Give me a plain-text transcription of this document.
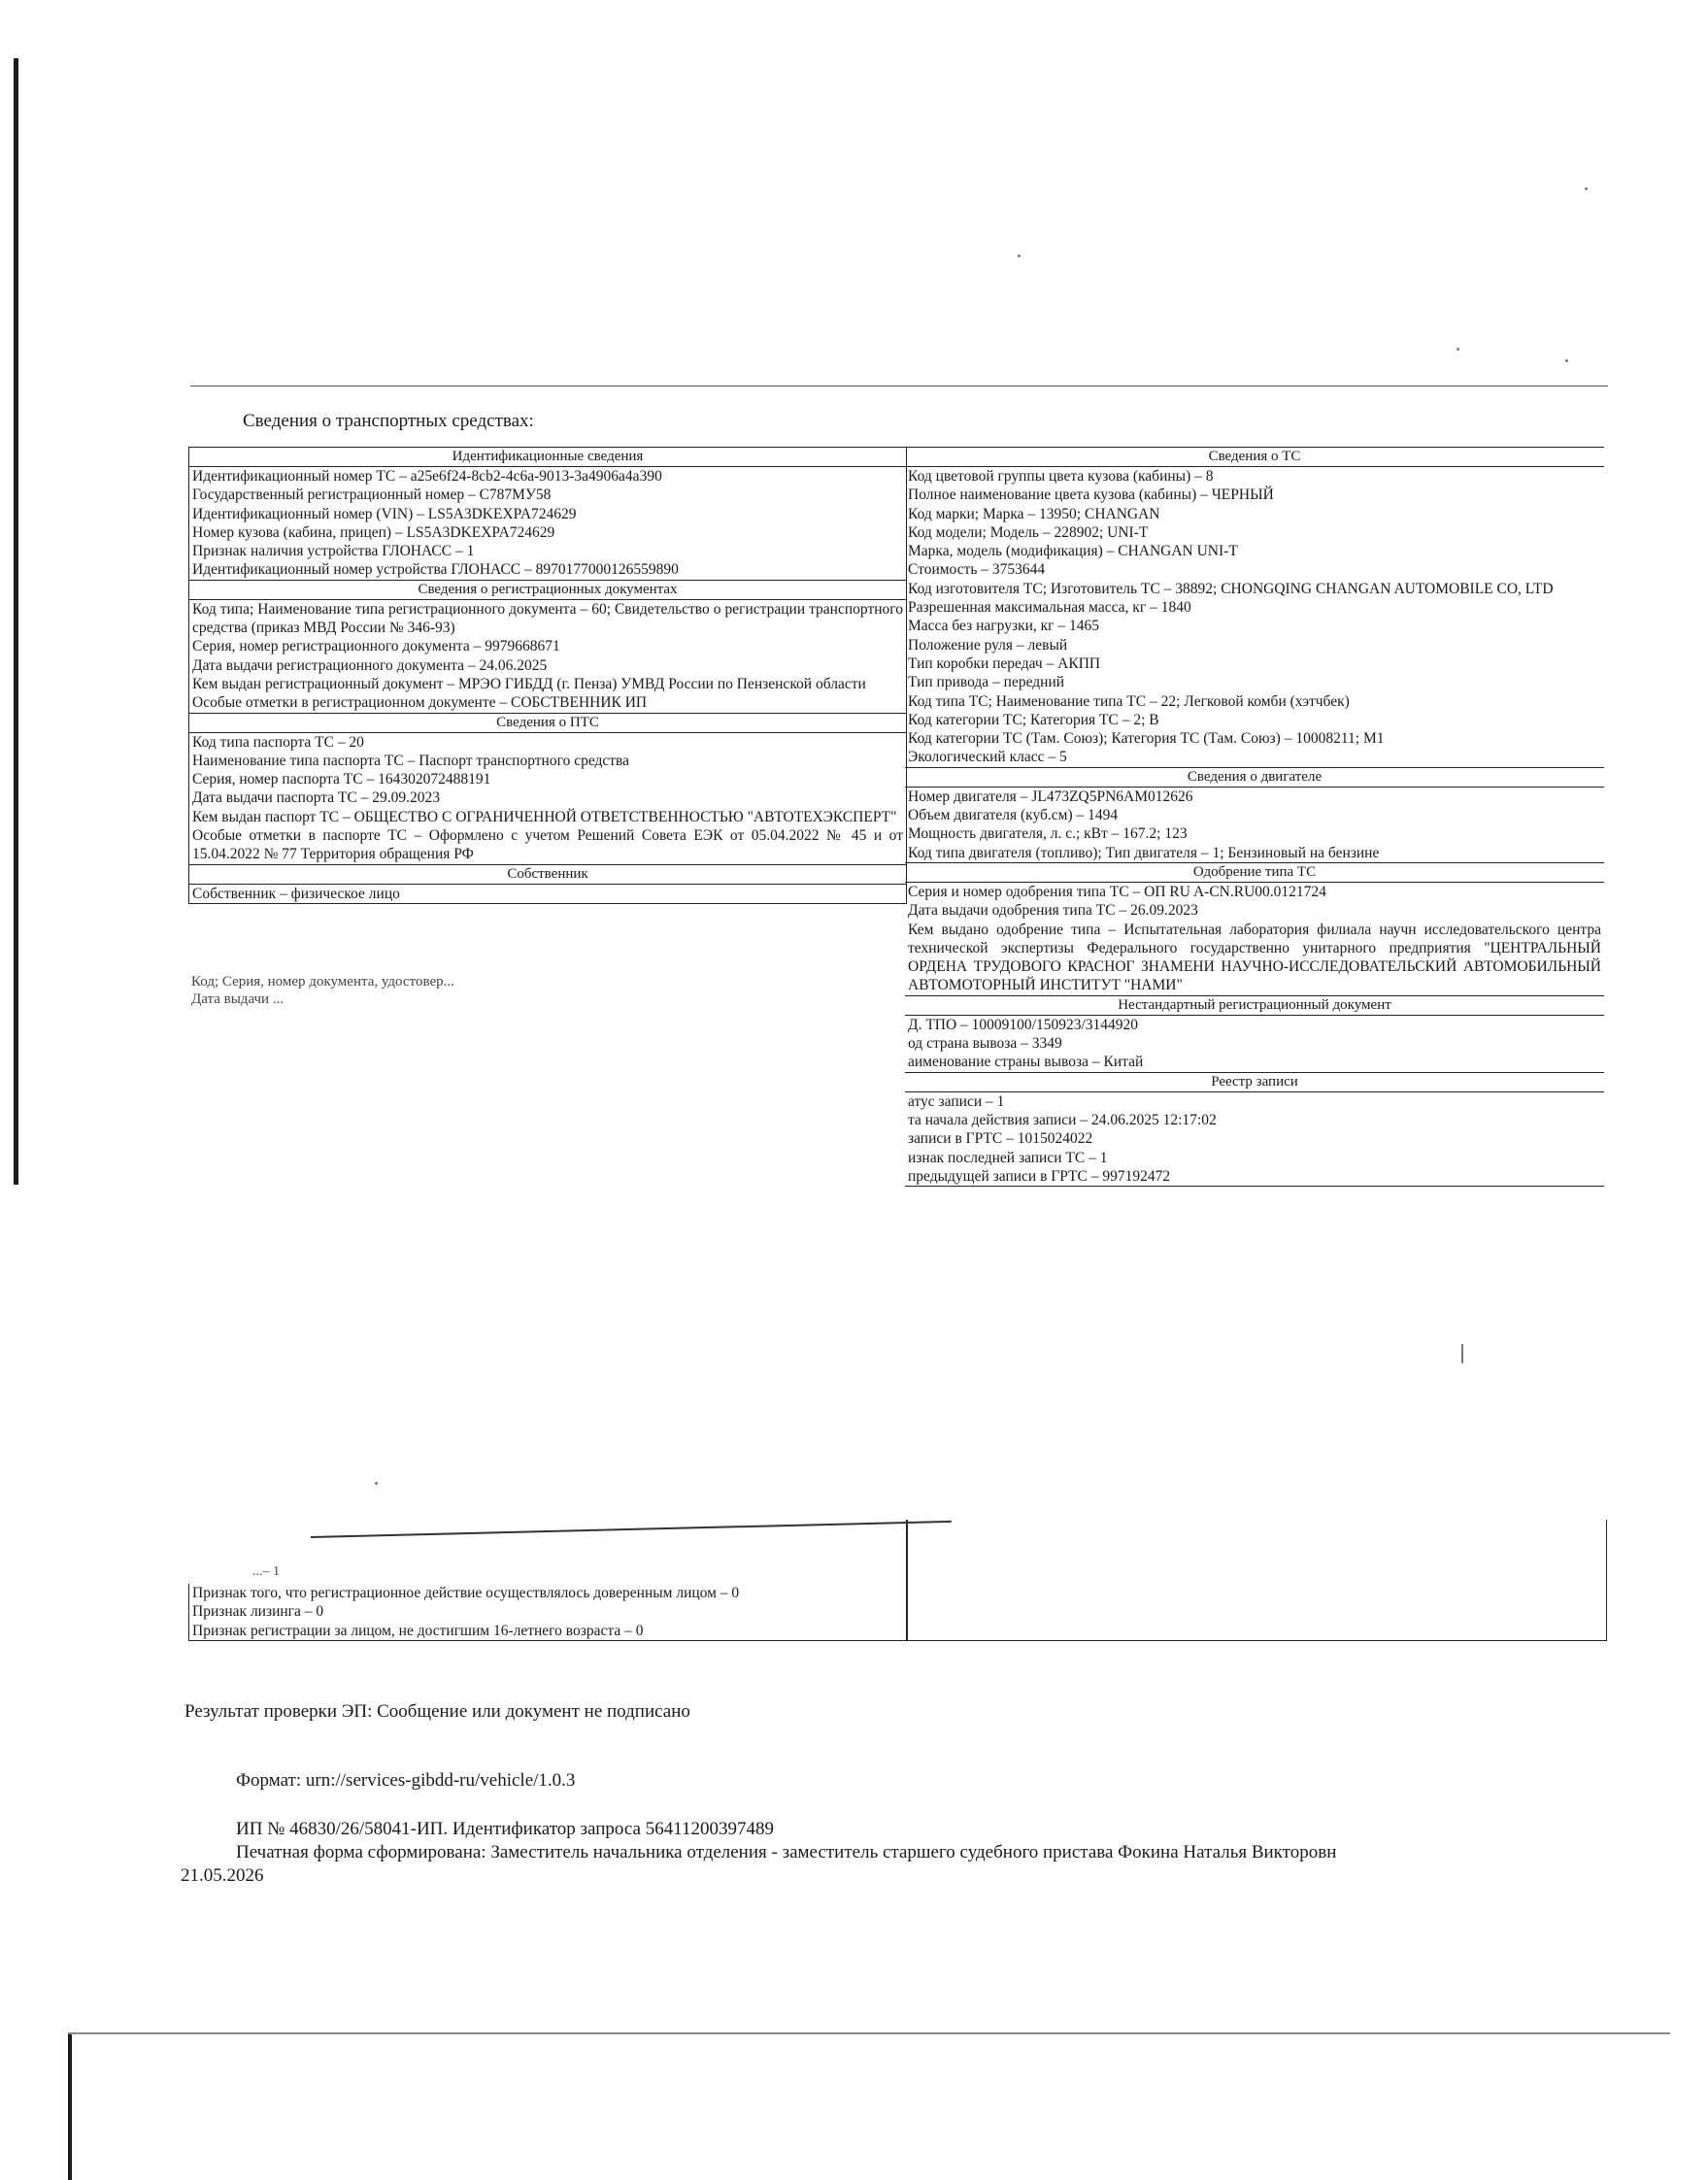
Сведения о транспортных средствах:
Идентификационные сведения
Идентификационный номер ТС – a25e6f24-8cb2-4c6a-9013-3a4906a4a390
Государственный регистрационный номер – С787МУ58
Идентификационный номер (VIN) – LS5A3DKEXPA724629
Номер кузова (кабина, прицеп) – LS5A3DKEXPA724629
Признак наличия устройства ГЛОНАСС – 1
Идентификационный номер устройства ГЛОНАСС – 8970177000126559890
Сведения о регистрационных документах
Код типа; Наименование типа регистрационного документа – 60; Свидетельство о регистрации транспортного средства (приказ МВД России № 346-93)
Серия, номер регистрационного документа – 9979668671
Дата выдачи регистрационного документа – 24.06.2025
Кем выдан регистрационный документ – МРЭО ГИБДД (г. Пенза) УМВД России по Пензенской области
Особые отметки в регистрационном документе – СОБСТВЕННИК ИП
Сведения о ПТС
Код типа паспорта ТС – 20
Наименование типа паспорта ТС – Паспорт транспортного средства
Серия, номер паспорта ТС – 164302072488191
Дата выдачи паспорта ТС – 29.09.2023
Кем выдан паспорт ТС – ОБЩЕСТВО С ОГРАНИЧЕННОЙ ОТВЕТСТВЕННОСТЬЮ "АВТОТЕХЭКСПЕРТ"
Особые отметки в паспорте ТС – Оформлено с учетом Решений Совета ЕЭК от 05.04.2022 № 45 и от 15.04.2022 № 77 Территория обращения РФ
Собственник
Собственник – физическое лицо
Код; Серия, номер документа, удостовер...
Дата выдачи ...
Сведения о ТС
Код цветовой группы цвета кузова (кабины) – 8
Полное наименование цвета кузова (кабины) – ЧЕРНЫЙ
Код марки; Марка – 13950; CHANGAN
Код модели; Модель – 228902; UNI-T
Марка, модель (модификация) – CHANGAN UNI-T
Стоимость – 3753644
Код изготовителя ТС; Изготовитель ТС – 38892; CHONGQING CHANGAN AUTOMOBILE CO, LTD
Разрешенная максимальная масса, кг – 1840
Масса без нагрузки, кг – 1465
Положение руля – левый
Тип коробки передач – АКПП
Тип привода – передний
Код типа ТС; Наименование типа ТС – 22; Легковой комби (хэтчбек)
Код категории ТС; Категория ТС – 2; B
Код категории ТС (Там. Союз); Категория ТС (Там. Союз) – 10008211; M1
Экологический класс – 5
Сведения о двигателе
Номер двигателя – JL473ZQ5PN6AM012626
Объем двигателя (куб.см) – 1494
Мощность двигателя, л. с.; кВт – 167.2; 123
Код типа двигателя (топливо); Тип двигателя – 1; Бензиновый на бензине
Одобрение типа ТС
Серия и номер одобрения типа ТС – ОП RU A-CN.RU00.0121724
Дата выдачи одобрения типа ТС – 26.09.2023
Кем выдано одобрение типа – Испытательная лаборатория филиала научн исследовательского центра технической экспертизы Федерального государственно унитарного предприятия "ЦЕНТРАЛЬНЫЙ ОРДЕНА ТРУДОВОГО КРАСНОГ ЗНАМЕНИ НАУЧНО-ИССЛЕДОВАТЕЛЬСКИЙ АВТОМОБИЛЬНЫЙ АВТОМОТОРНЫЙ ИНСТИТУТ "НАМИ"
Нестандартный регистрационный документ
Д. ТПО – 10009100/150923/3144920
од страна вывоза – 3349
аименование страны вывоза – Китай
Реестр записи
атус записи – 1
та начала действия записи – 24.06.2025 12:17:02
записи в ГРТС – 1015024022
изнак последней записи ТС – 1
предыдущей записи в ГРТС – 997192472
...– 1
Признак того, что регистрационное действие осуществлялось доверенным лицом – 0
Признак лизинга – 0
Признак регистрации за лицом, не достигшим 16-летнего возраста – 0
Результат проверки ЭП: Сообщение или документ не подписано
Формат: urn://services-gibdd-ru/vehicle/1.0.3
ИП № 46830/26/58041-ИП. Идентификатор запроса 56411200397489
Печатная форма сформирована: Заместитель начальника отделения - заместитель старшего судебного пристава Фокина Наталья Викторовн
21.05.2026
